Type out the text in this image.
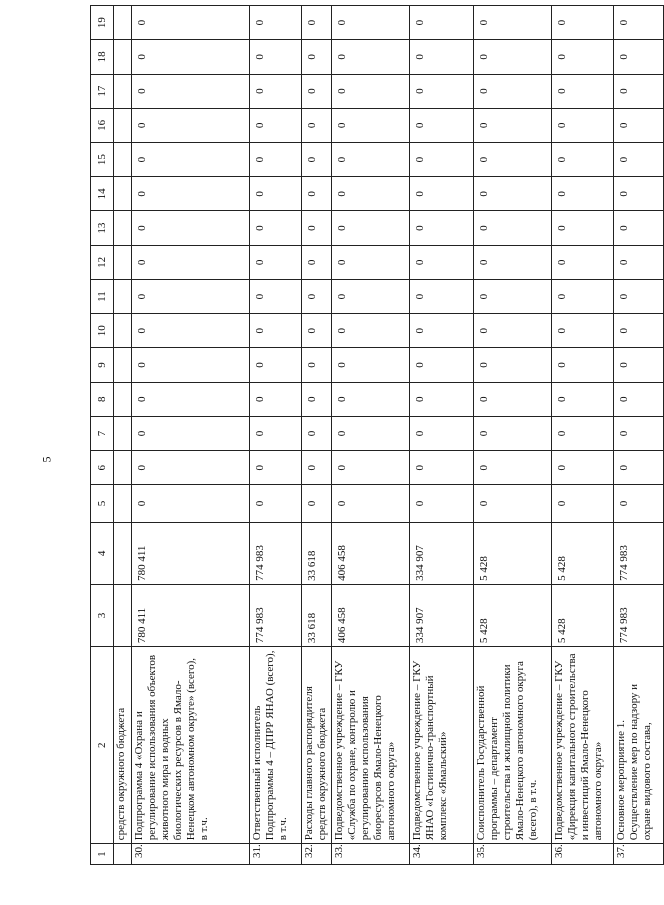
5
1	2	3	4	5	6	7	8	9	10	11	12	13	14	15	16	17	18	19
	средств окружного бюджета																	
30.	Подпрограмма 4 «Охрана и регулирование использования объектов животного мира и водных биологических ресурсов в Ямало-Ненецком автономном округе» (всего), в т.ч.	780 411	780 411	0	0	0	0	0	0	0	0	0	0	0	0	0	0	0
31.	Ответственный исполнитель Подпрограммы 4 – ДПРР ЯНАО (всего), в т.ч.	774 983	774 983	0	0	0	0	0	0	0	0	0	0	0	0	0	0	0
32.	Расходы главного распорядителя средств окружного бюджета	33 618	33 618	0	0	0	0	0	0	0	0	0	0	0	0	0	0	0
33.	Подведомственное учреждение – ГКУ «Служба по охране, контролю и регулированию использования биоресурсов Ямало-Ненецкого автономного округа»	406 458	406 458	0	0	0	0	0	0	0	0	0	0	0	0	0	0	0
34.	Подведомственное учреждение – ГКУ ЯНАО «Гостинично-транспортный комплекс «Ямальский»	334 907	334 907	0	0	0	0	0	0	0	0	0	0	0	0	0	0	0
35.	Соисполнитель Государственной программы – департамент строительства и жилищной политики Ямало-Ненецкого автономного округа (всего), в т.ч.	5 428	5 428	0	0	0	0	0	0	0	0	0	0	0	0	0	0	0
36.	Подведомственное учреждение – ГКУ «Дирекция капитального строительства и инвестиций Ямало-Ненецкого автономного округа»	5 428	5 428	0	0	0	0	0	0	0	0	0	0	0	0	0	0	0
37.	Основное мероприятие 1. Осуществление мер по надзору и охране видового состава,	774 983	774 983	0	0	0	0	0	0	0	0	0	0	0	0	0	0	0
